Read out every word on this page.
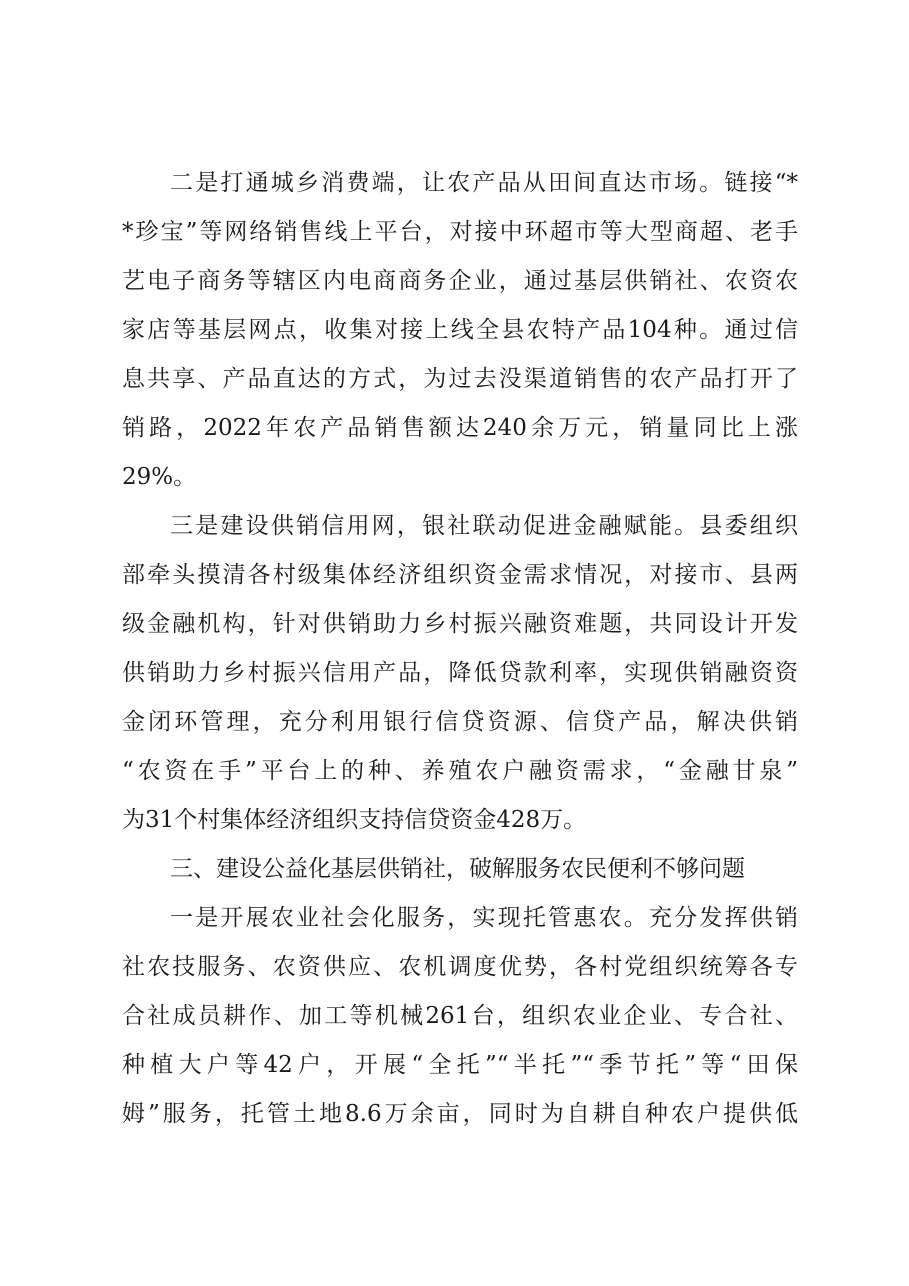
二是打通城乡消费端，让农产品从田间直达市场。链接“*
*珍宝”等网络销售线上平台，对接中环超市等大型商超、老手
艺电子商务等辖区内电商商务企业，通过基层供销社、农资农
家店等基层网点，收集对接上线全县农特产品104种。通过信
息共享、产品直达的方式，为过去没渠道销售的农产品打开了
销路，2022年农产品销售额达240余万元，销量同比上涨
29%。
三是建设供销信用网，银社联动促进金融赋能。县委组织
部牵头摸清各村级集体经济组织资金需求情况，对接市、县两
级金融机构，针对供销助力乡村振兴融资难题，共同设计开发
供销助力乡村振兴信用产品，降低贷款利率，实现供销融资资
金闭环管理，充分利用银行信贷资源、信贷产品，解决供销
“农资在手”平台上的种、养殖农户融资需求，“金融甘泉”
为31个村集体经济组织支持信贷资金428万。
三、建设公益化基层供销社，破解服务农民便利不够问题
一是开展农业社会化服务，实现托管惠农。充分发挥供销
社农技服务、农资供应、农机调度优势，各村党组织统筹各专
合社成员耕作、加工等机械261台，组织农业企业、专合社、
种植大户等42户，开展“全托”“半托”“季节托”等“田保
姆”服务，托管土地8.6万余亩，同时为自耕自种农户提供低
